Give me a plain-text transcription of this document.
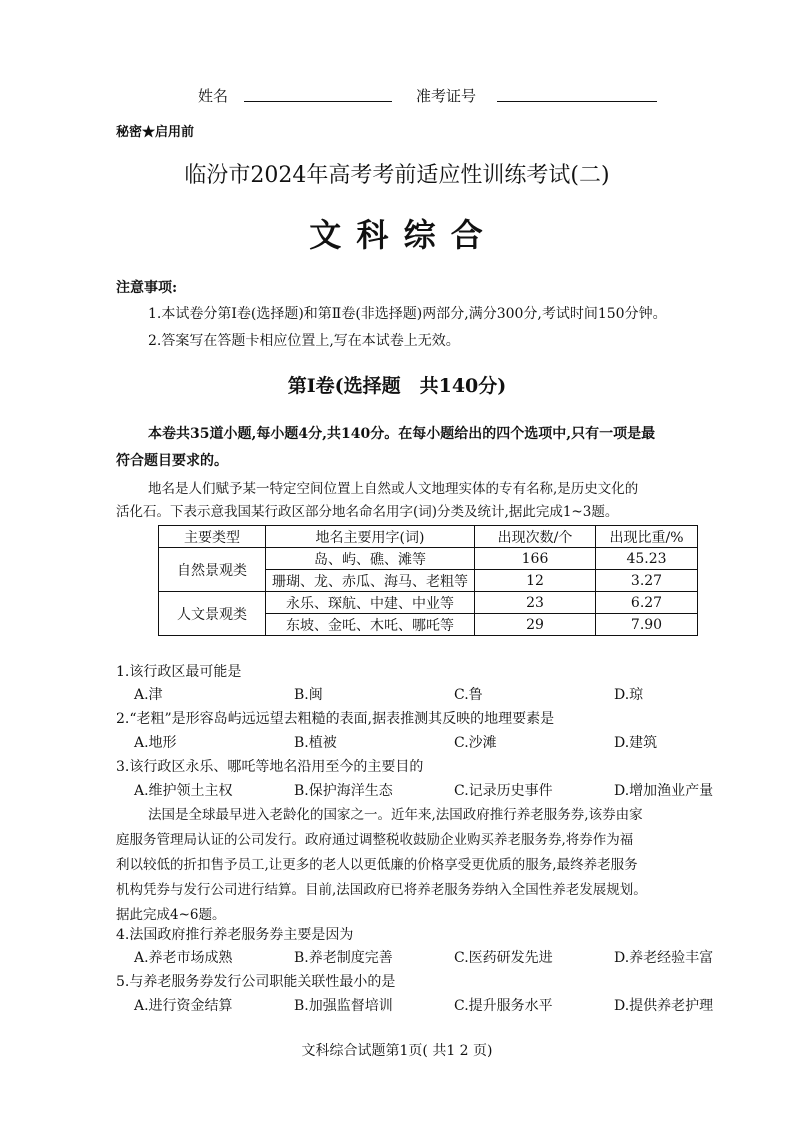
姓名	准考证号
秘密★启用前
临汾市2024年高考考前适应性训练考试(二)
文 科 综 合
注意事项:
1.本试卷分第Ⅰ卷(选择题)和第Ⅱ卷(非选择题)两部分,满分300分,考试时间150分钟。
2.答案写在答题卡相应位置上,写在本试卷上无效。
第Ⅰ卷(选择题　共140分)
本卷共35道小题,每小题4分,共140分。在每小题给出的四个选项中,只有一项是最
符合题目要求的。
地名是人们赋予某一特定空间位置上自然或人文地理实体的专有名称,是历史文化的
活化石。下表示意我国某行政区部分地名命名用字(词)分类及统计,据此完成1~3题。
主要类型	地名主要用字(词)	出现次数/个	出现比重/%
自然景观类	岛、屿、礁、滩等	166	45.23
	珊瑚、龙、赤瓜、海马、老粗等	12	3.27
人文景观类	永乐、琛航、中建、中业等	23	6.27
	东坡、金吒、木吒、哪吒等	29	7.90
1.该行政区最可能是
A.津	B.闽	C.鲁	D.琼
2.“老粗”是形容岛屿远远望去粗糙的表面,据表推测其反映的地理要素是
A.地形	B.植被	C.沙滩	D.建筑
3.该行政区永乐、哪吒等地名沿用至今的主要目的
A.维护领土主权	B.保护海洋生态	C.记录历史事件	D.增加渔业产量
法国是全球最早进入老龄化的国家之一。近年来,法国政府推行养老服务券,该券由家
庭服务管理局认证的公司发行。政府通过调整税收鼓励企业购买养老服务券,将券作为福
利以较低的折扣售予员工,让更多的老人以更低廉的价格享受更优质的服务,最终养老服务
机构凭券与发行公司进行结算。目前,法国政府已将养老服务券纳入全国性养老发展规划。
据此完成4~6题。
4.法国政府推行养老服务券主要是因为
A.养老市场成熟	B.养老制度完善	C.医药研发先进	D.养老经验丰富
5.与养老服务券发行公司职能关联性最小的是
A.进行资金结算	B.加强监督培训	C.提升服务水平	D.提供养老护理
文科综合试题第1页( 共1 2 页)
